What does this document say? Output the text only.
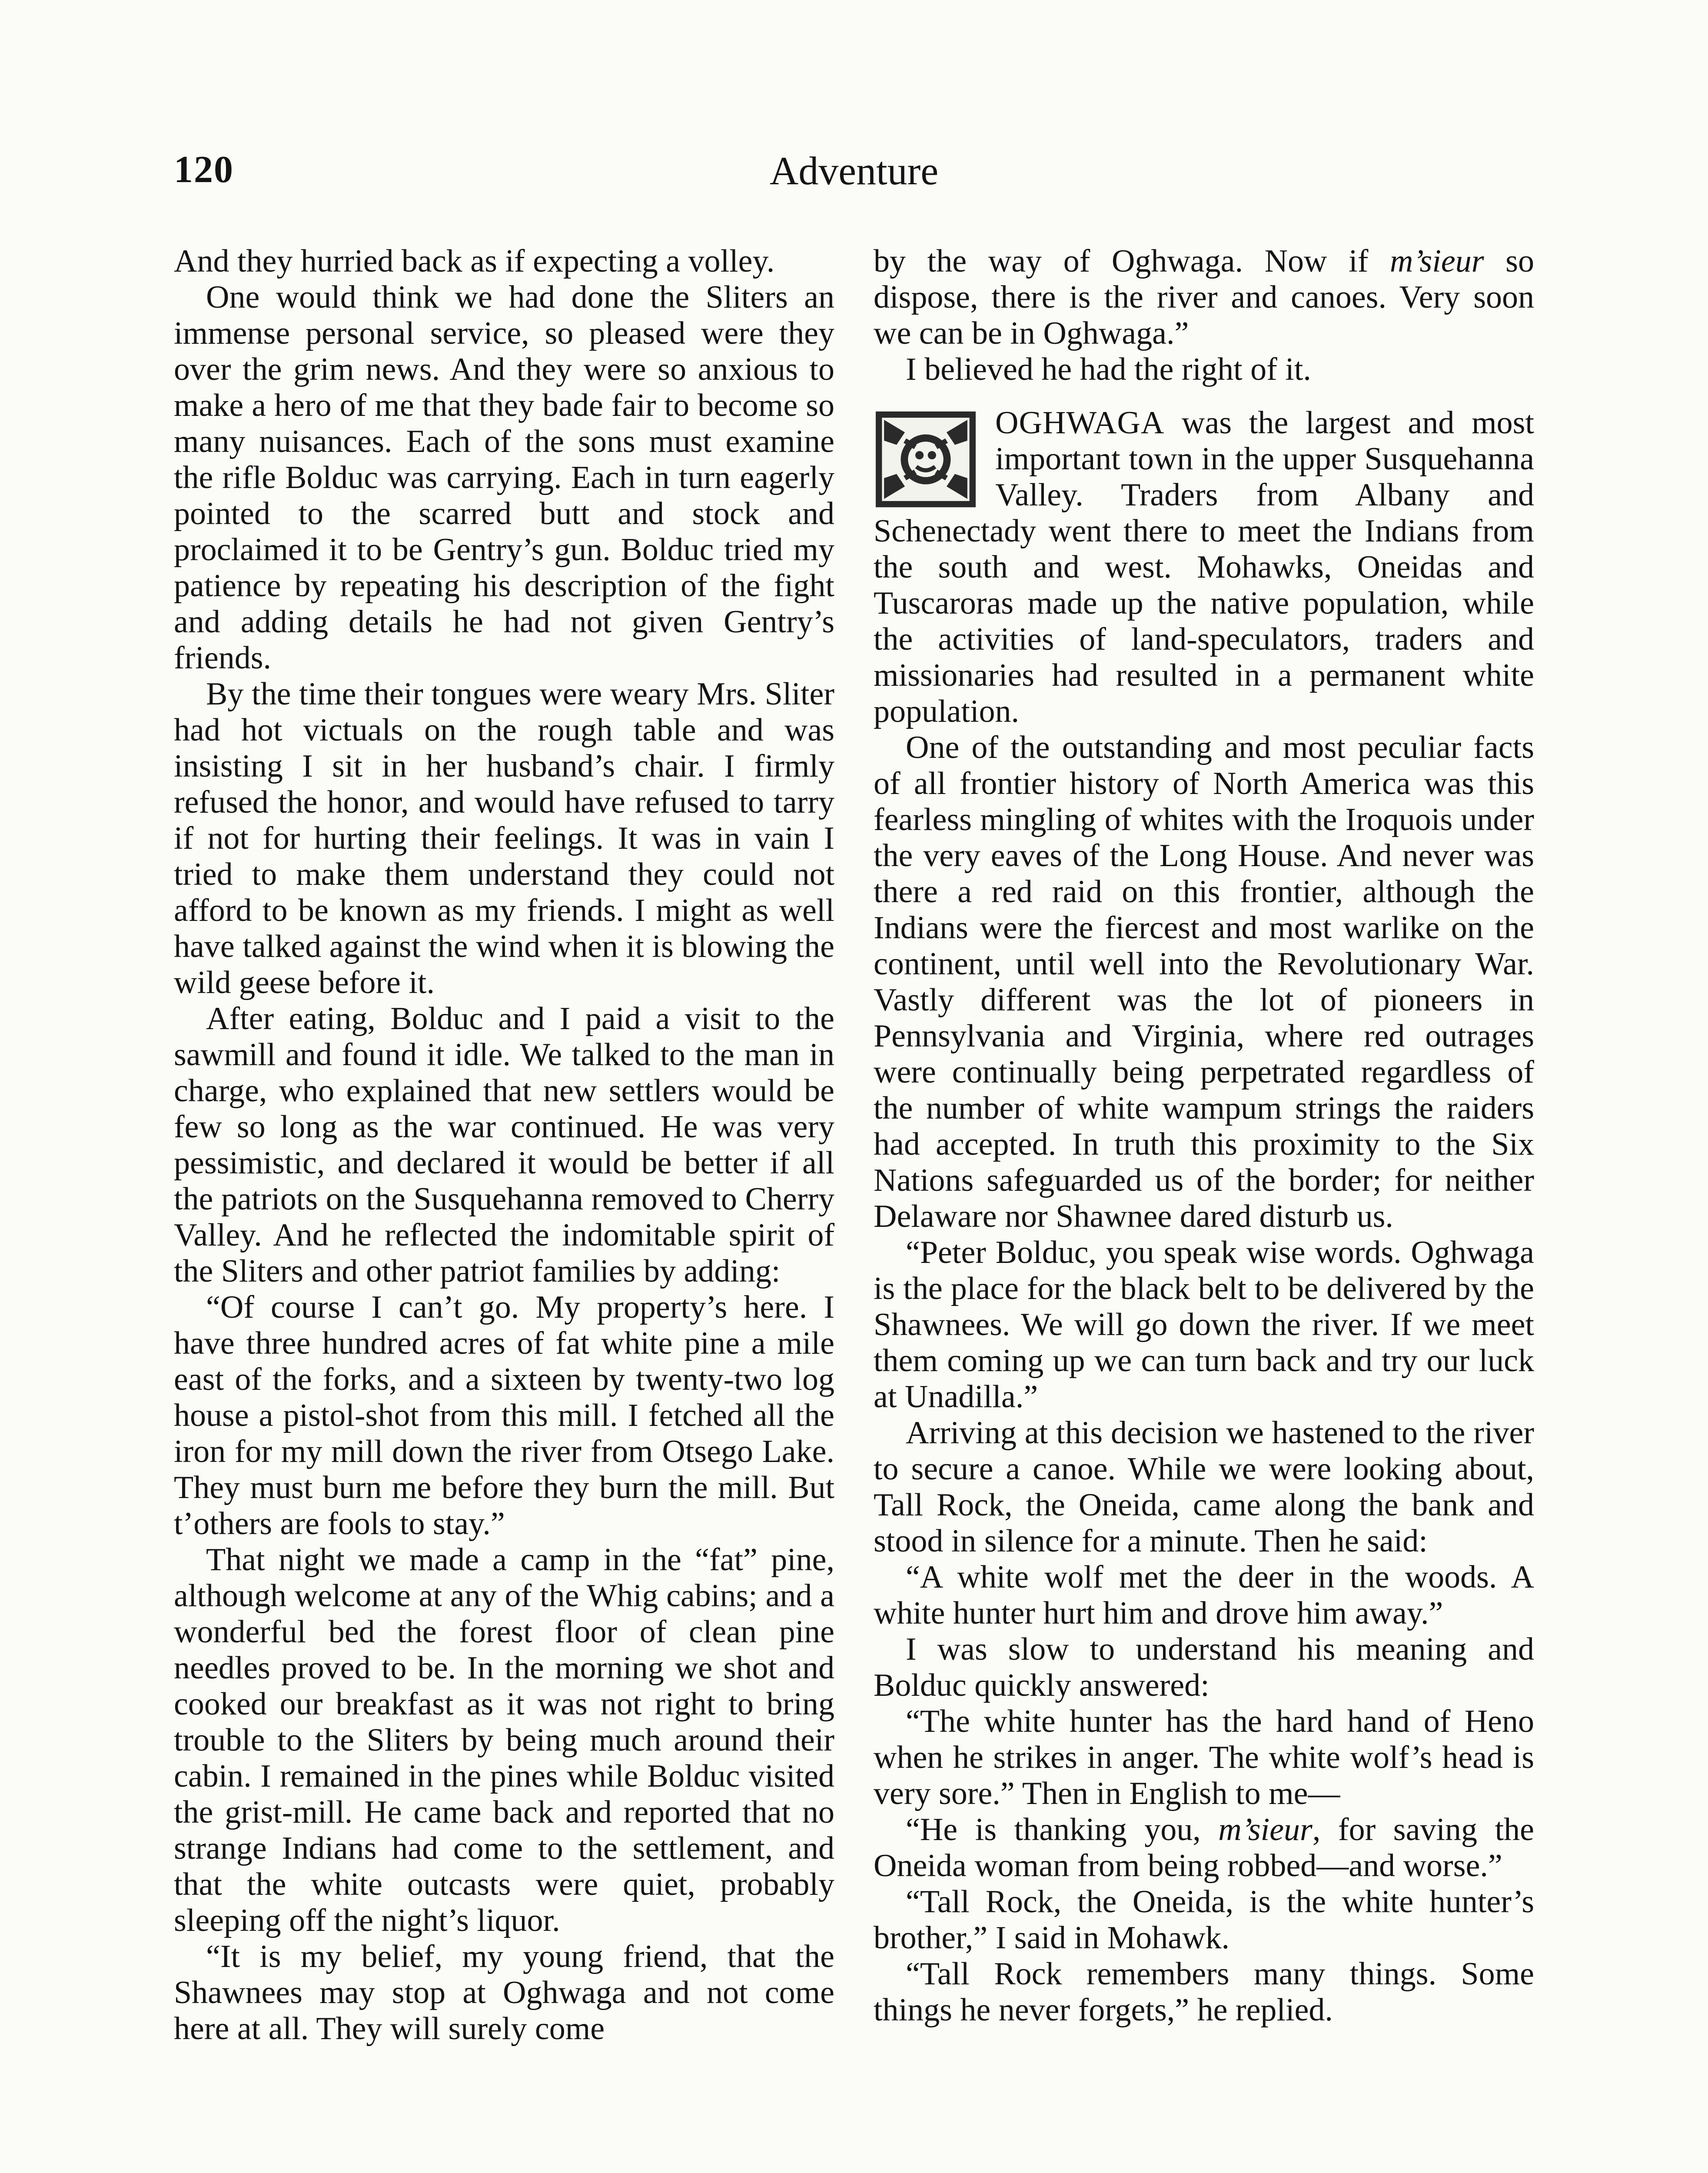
120	Adventure

And they hurried back as if expecting a volley.

One would think we had done the Sliters an immense personal service, so pleased were they over the grim news. And they were so anxious to make a hero of me that they bade fair to become so many nuisances. Each of the sons must examine the rifle Bolduc was carrying. Each in turn eagerly pointed to the scarred butt and stock and proclaimed it to be Gentry’s gun. Bolduc tried my patience by repeating his description of the fight and adding details he had not given Gentry’s friends.

By the time their tongues were weary Mrs. Sliter had hot victuals on the rough table and was insisting I sit in her husband’s chair. I firmly refused the honor, and would have refused to tarry if not for hurting their feelings. It was in vain I tried to make them understand they could not afford to be known as my friends. I might as well have talked against the wind when it is blowing the wild geese before it.

After eating, Bolduc and I paid a visit to the sawmill and found it idle. We talked to the man in charge, who explained that new settlers would be few so long as the war continued. He was very pessimistic, and declared it would be better if all the patriots on the Susquehanna removed to Cherry Valley. And he reflected the indomitable spirit of the Sliters and other patriot families by adding:

“Of course I can’t go. My property’s here. I have three hundred acres of fat white pine a mile east of the forks, and a sixteen by twenty-two log house a pistol-shot from this mill. I fetched all the iron for my mill down the river from Otsego Lake. They must burn me before they burn the mill. But t’others are fools to stay.”

That night we made a camp in the “fat” pine, although welcome at any of the Whig cabins; and a wonderful bed the forest floor of clean pine needles proved to be. In the morning we shot and cooked our breakfast as it was not right to bring trouble to the Sliters by being much around their cabin. I remained in the pines while Bolduc visited the grist-mill. He came back and reported that no strange Indians had come to the settlement, and that the white outcasts were quiet, probably sleeping off the night’s liquor.

“It is my belief, my young friend, that the Shawnees may stop at Oghwaga and not come here at all. They will surely come

by the way of Oghwaga. Now if m’sieur so dispose, there is the river and canoes. Very soon we can be in Oghwaga.”

I believed he had the right of it.

OGHWAGA was the largest and most important town in the upper Susquehanna Valley. Traders from Albany and Schenectady went there to meet the Indians from the south and west. Mohawks, Oneidas and Tuscaroras made up the native population, while the activities of land-speculators, traders and missionaries had resulted in a permanent white population.

One of the outstanding and most peculiar facts of all frontier history of North America was this fearless mingling of whites with the Iroquois under the very eaves of the Long House. And never was there a red raid on this frontier, although the Indians were the fiercest and most warlike on the continent, until well into the Revolutionary War. Vastly different was the lot of pioneers in Pennsylvania and Virginia, where red outrages were continually being perpetrated regardless of the number of white wampum strings the raiders had accepted. In truth this proximity to the Six Nations safeguarded us of the border; for neither Delaware nor Shawnee dared disturb us.

“Peter Bolduc, you speak wise words. Oghwaga is the place for the black belt to be delivered by the Shawnees. We will go down the river. If we meet them coming up we can turn back and try our luck at Unadilla.”

Arriving at this decision we hastened to the river to secure a canoe. While we were looking about, Tall Rock, the Oneida, came along the bank and stood in silence for a minute. Then he said:

“A white wolf met the deer in the woods. A white hunter hurt him and drove him away.”

I was slow to understand his meaning and Bolduc quickly answered:

“The white hunter has the hard hand of Heno when he strikes in anger. The white wolf’s head is very sore.” Then in English to me—

“He is thanking you, m’sieur, for saving the Oneida woman from being robbed—and worse.”

“Tall Rock, the Oneida, is the white hunter’s brother,” I said in Mohawk.

“Tall Rock remembers many things. Some things he never forgets,” he replied.
